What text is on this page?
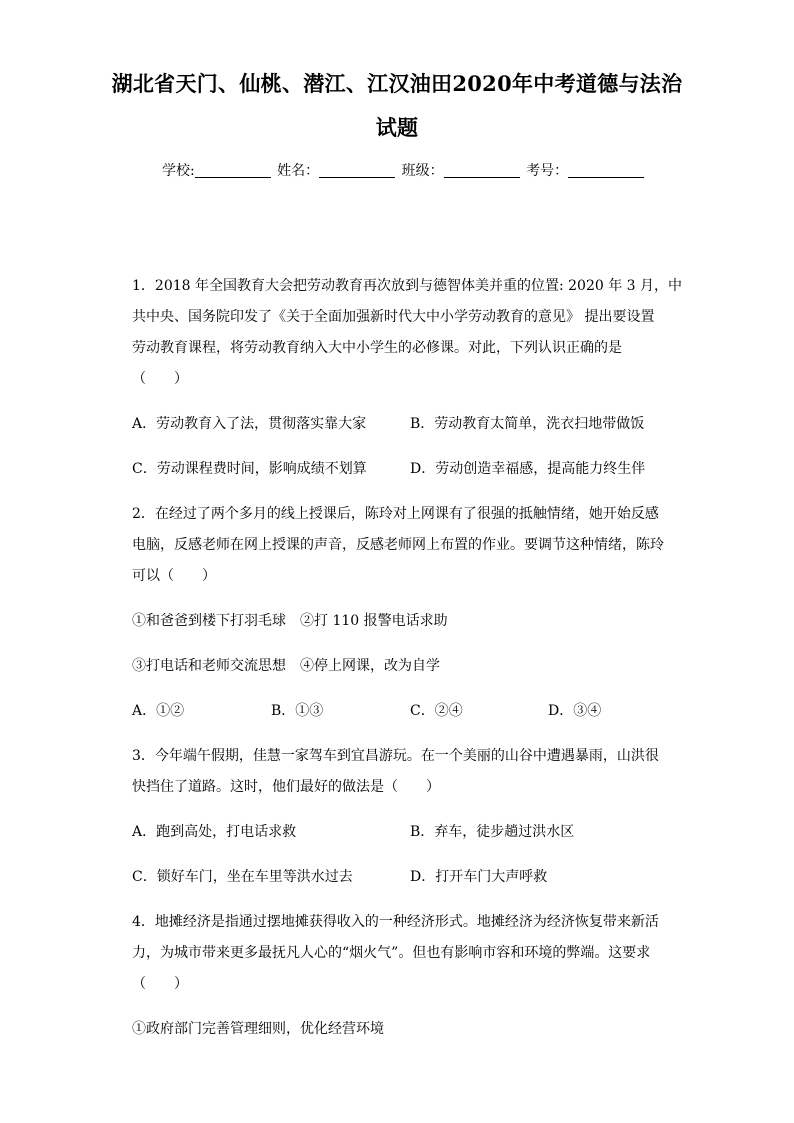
湖北省天门、仙桃、潜江、江汉油田2020年中考道德与法治
试题
学校:	姓名：	班级：	考号：
1．2018 年全国教育大会把劳动教育再次放到与德智体美并重的位置: 2020 年 3 月，中
共中央、国务院印发了《关于全面加强新时代大中小学劳动教育的意见》 提出要设置
劳动教育课程，将劳动教育纳入大中小学生的必修课。对此，下列认识正确的是
（　　）
A．劳动教育入了法，贯彻落实靠大家	B．劳动教育太简单，洗衣扫地带做饭
C．劳动课程费时间，影响成绩不划算	D．劳动创造幸福感，提高能力终生伴
2．在经过了两个多月的线上授课后，陈玲对上网课有了很强的抵触情绪，她开始反感
电脑，反感老师在网上授课的声音，反感老师网上布置的作业。要调节这种情绪，陈玲
可以（　　）
①和爸爸到楼下打羽毛球　②打 110 报警电话求助
③打电话和老师交流思想　④停上网课，改为自学
A．①②	B．①③	C．②④	D．③④
3．今年端午假期，佳慧一家驾车到宜昌游玩。在一个美丽的山谷中遭遇暴雨，山洪很
快挡住了道路。这时，他们最好的做法是（　　）
A．跑到高处，打电话求救	B．弃车，徒步趟过洪水区
C．锁好车门，坐在车里等洪水过去	D．打开车门大声呼救
4．地摊经济是指通过摆地摊获得收入的一种经济形式。地摊经济为经济恢复带来新活
力，为城市带来更多最抚凡人心的“烟火气”。但也有影响市容和环境的弊端。这要求
（　　）
①政府部门完善管理细则，优化经营环境
